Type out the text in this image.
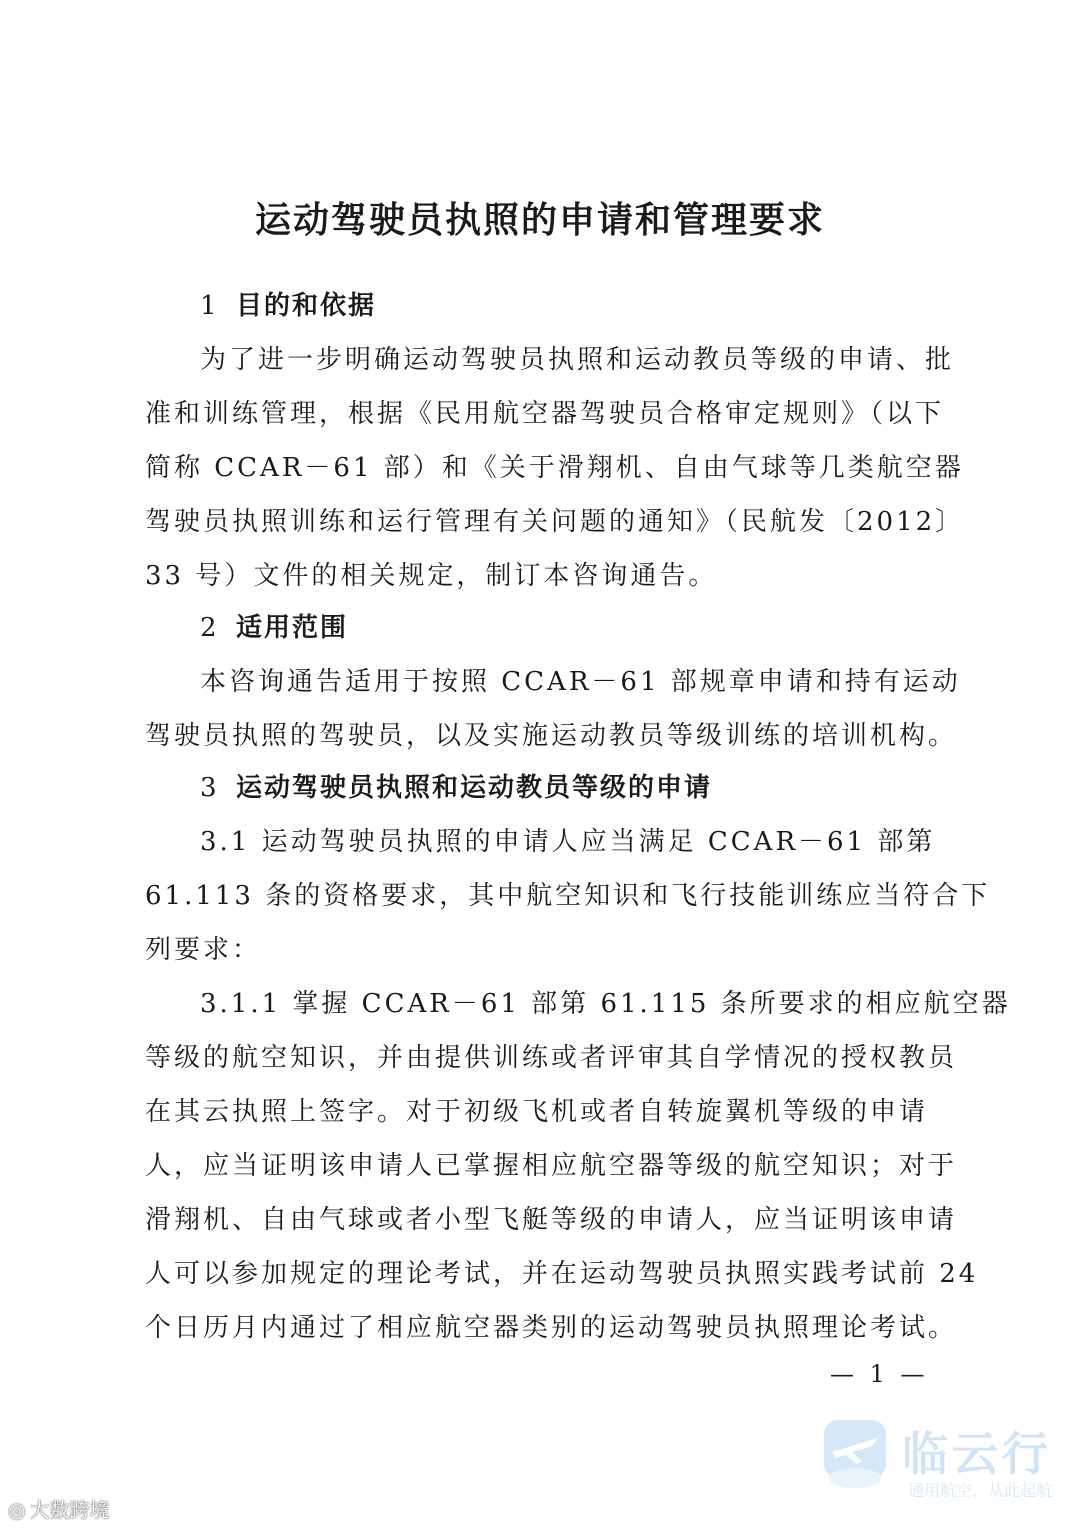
运动驾驶员执照的申请和管理要求
1 目的和依据
为了进一步明确运动驾驶员执照和运动教员等级的申请、批
准和训练管理，根据《民用航空器驾驶员合格审定规则》（以下
简称 CCAR－61 部）和《关于滑翔机、自由气球等几类航空器
驾驶员执照训练和运行管理有关问题的通知》（民航发〔2012〕
33 号）文件的相关规定，制订本咨询通告。
2 适用范围
本咨询通告适用于按照 CCAR－61 部规章申请和持有运动
驾驶员执照的驾驶员，以及实施运动教员等级训练的培训机构。
3 运动驾驶员执照和运动教员等级的申请
3.1 运动驾驶员执照的申请人应当满足 CCAR－61 部第
61.113 条的资格要求，其中航空知识和飞行技能训练应当符合下
列要求：
3.1.1 掌握 CCAR－61 部第 61.115 条所要求的相应航空器
等级的航空知识，并由提供训练或者评审其自学情况的授权教员
在其云执照上签字。对于初级飞机或者自转旋翼机等级的申请
人，应当证明该申请人已掌握相应航空器等级的航空知识；对于
滑翔机、自由气球或者小型飞艇等级的申请人，应当证明该申请
人可以参加规定的理论考试，并在运动驾驶员执照实践考试前 24
个日历月内通过了相应航空器类别的运动驾驶员执照理论考试。
— 1 —
临云行
通用航空，从此起航
◎ 大数跨境
